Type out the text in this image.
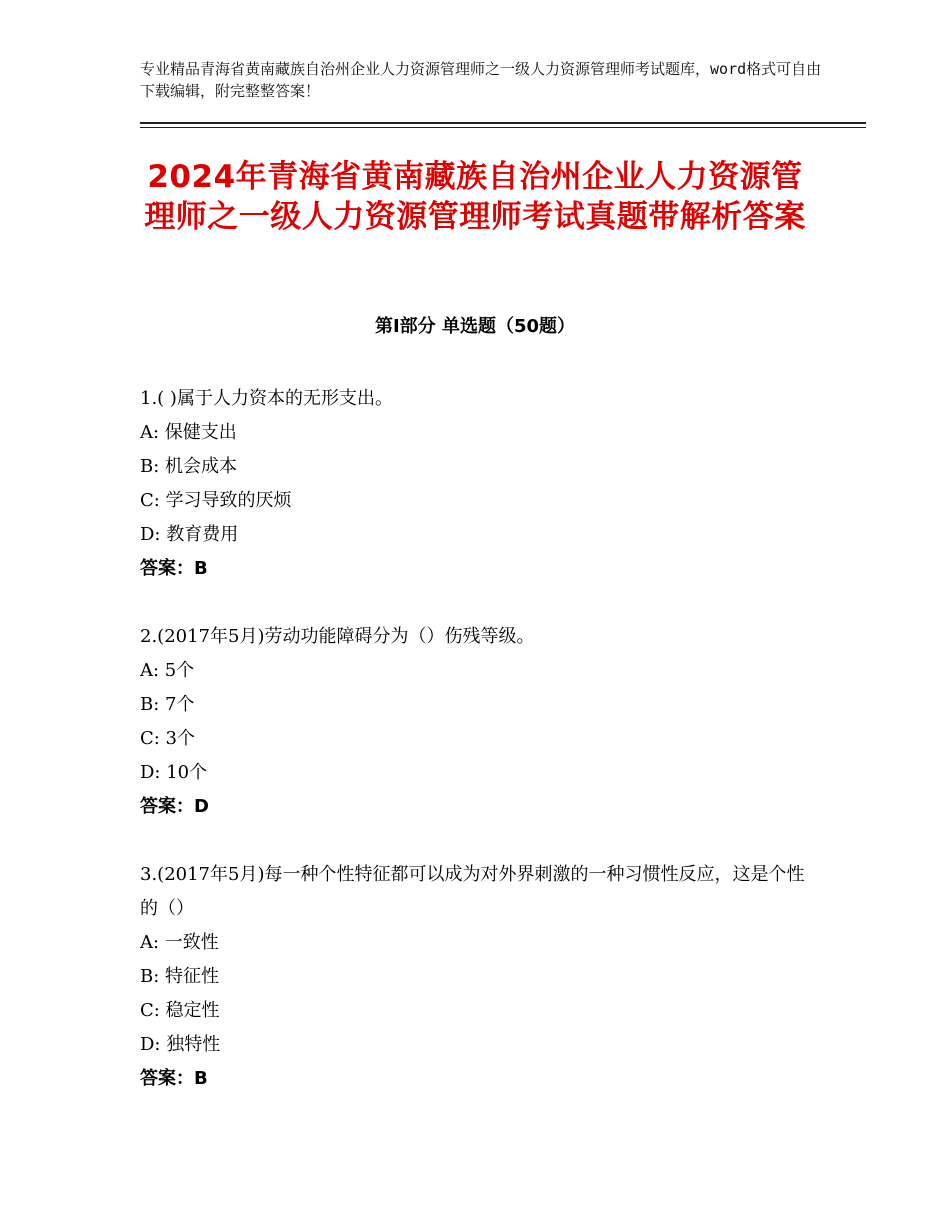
专业精品青海省黄南藏族自治州企业人力资源管理师之一级人力资源管理师考试题库，word格式可自由下载编辑，附完整整答案！
2024年青海省黄南藏族自治州企业人力资源管理师之一级人力资源管理师考试真题带解析答案
第Ⅰ部分 单选题（50题）
1.( )属于人力资本的无形支出。
A: 保健支出
B: 机会成本
C: 学习导致的厌烦
D: 教育费用
答案：B
2.(2017年5月)劳动功能障碍分为（）伤残等级。
A: 5个
B: 7个
C: 3个
D: 10个
答案：D
3.(2017年5月)每一种个性特征都可以成为对外界刺激的一种习惯性反应，这是个性的（）
A: 一致性
B: 特征性
C: 稳定性
D: 独特性
答案：B
